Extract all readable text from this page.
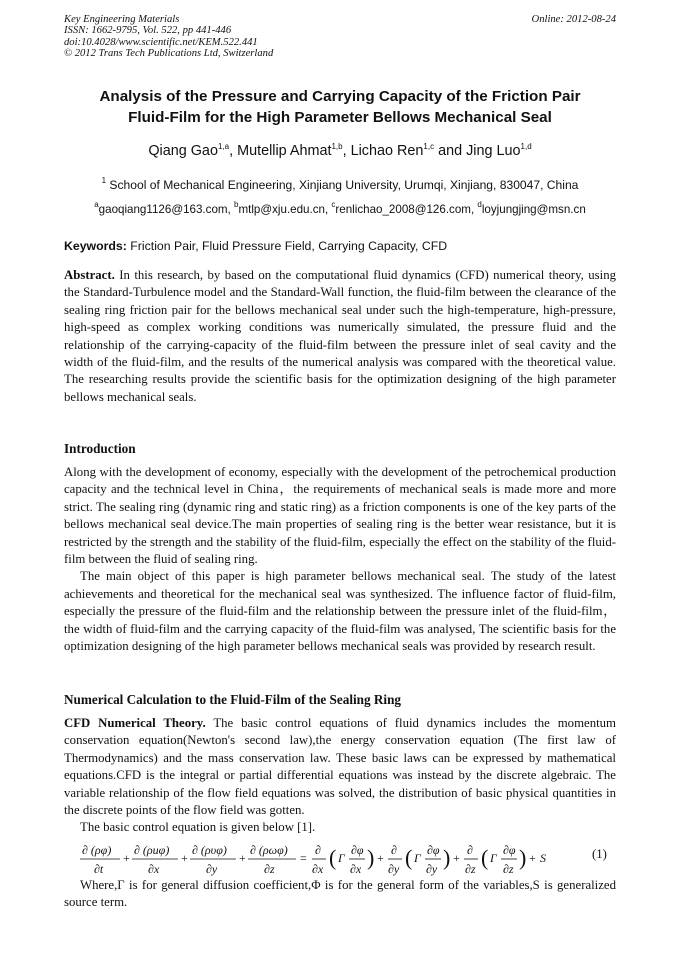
Key Engineering Materials
ISSN: 1662-9795, Vol. 522, pp 441-446
doi:10.4028/www.scientific.net/KEM.522.441
© 2012 Trans Tech Publications Ltd, Switzerland
Online: 2012-08-24
Analysis of the Pressure and Carrying Capacity of the Friction Pair
Fluid-Film for the High Parameter Bellows Mechanical Seal
Qiang Gao$^{1,a}$, Mutellip Ahmat$^{1,b}$, Lichao Ren$^{1,c}$ and Jing Luo$^{1,d}$
$^1$ School of Mechanical Engineering, Xinjiang University, Urumqi, Xinjiang, 830047, China
$^a$gaoqiang1126@163.com, $^b$mtlp@xju.edu.cn, $^c$renlichao_2008@126.com, $^d$loyjungjing@msn.cn
Keywords: Friction Pair, Fluid Pressure Field, Carrying Capacity, CFD

Abstract. In this research, by based on the computational fluid dynamics (CFD) numerical theory, using the Standard-Turbulence model and the Standard-Wall function, the fluid-film between the clearance of the sealing ring friction pair for the bellows mechanical seal under such the high-temperature, high-pressure, high-speed as complex working conditions was numerically simulated, the pressure fluid and the relationship of the carrying-capacity of the fluid-film between the pressure inlet of seal cavity and the width of the fluid-film, and the results of the numerical analysis was compared with the theoretical value. The researching results provide the scientific basis for the optimization designing of the high parameter bellows mechanical seals.

Introduction

Along with the development of economy, especially with the development of the petrochemical production capacity and the technical level in China，the requirements of mechanical seals is made more and more strict. The sealing ring (dynamic ring and static ring) as a friction components is one of the key parts of the bellows mechanical seal device.The main properties of sealing ring is the better wear resistance, but it is restricted by the strength and the stability of the fluid-film, especially the effect on the stability of the fluid-film between the fluid of sealing ring.

The main object of this paper is high parameter bellows mechanical seal. The study of the latest achievements and theoretical for the mechanical seal was synthesized. The influence factor of fluid-film, especially the pressure of the fluid-film and the relationship between the pressure inlet of the fluid-film，the width of fluid-film and the carrying capacity of the fluid-film was analysed, The scientific basis for the optimization designing of the high parameter bellows mechanical seals was provided by research result.

Numerical Calculation to the Fluid-Film of the Sealing Ring

CFD Numerical Theory. The basic control equations of fluid dynamics includes the momentum conservation equation(Newton's second law),the energy conservation equation (The first law of Thermodynamics) and the mass conservation law. These basic laws can be expressed by mathematical equations.CFD is the integral or partial differential equations was instead by the discrete algebraic. The variable relationship of the flow field equations was solved, the distribution of basic physical quantities in the discrete points of the flow field was gotten.

The basic control equation is given below [1].

∂ (ρφ)
∂t
+
∂ (ρuφ)
∂x
+
∂ (ρυφ)
∂y
+
∂ (ρωφ)
∂z
=
∂
∂x ( Γ
∂φ
∂x ) +
∂
∂y ( Γ
∂φ
∂y ) +
∂
∂z ( Γ
∂φ
∂z ) + S	(1)

Where,Γ is for general diffusion coefficient,Φ is for the general form of the variables,S is generalized source term.
